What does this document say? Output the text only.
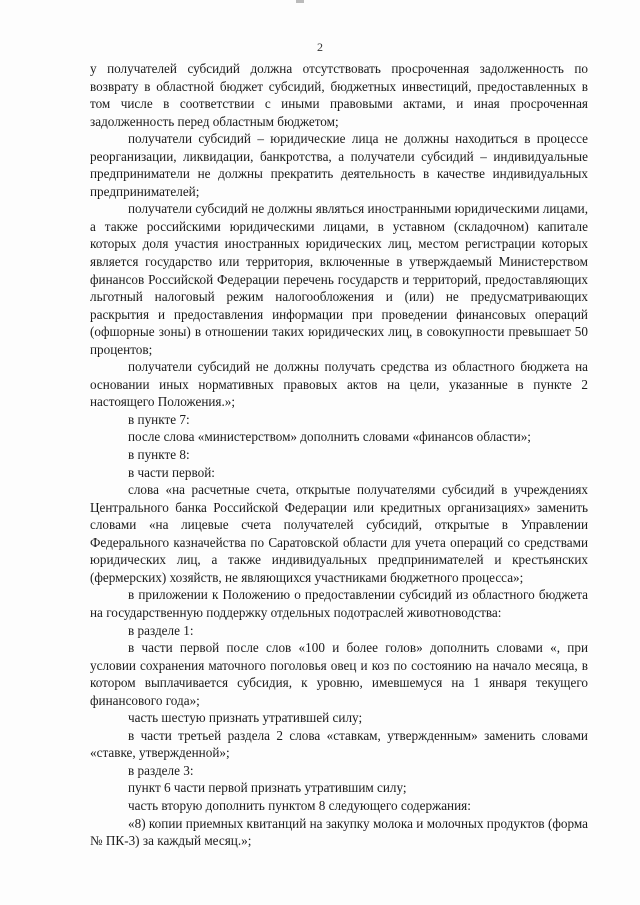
2

у получателей субсидий должна отсутствовать просроченная задолженность по возврату в областной бюджет субсидий, бюджетных инвестиций, предоставленных в том числе в соответствии с иными правовыми актами, и иная просроченная задолженность перед областным бюджетом;

получатели субсидий – юридические лица не должны находиться в процессе реорганизации, ликвидации, банкротства, а получатели субсидий – индивидуальные предприниматели не должны прекратить деятельность в качестве индивидуальных предпринимателей;

получатели субсидий не должны являться иностранными юридическими лицами, а также российскими юридическими лицами, в уставном (складочном) капитале которых доля участия иностранных юридических лиц, местом регистрации которых является государство или территория, включенные в утверждаемый Министерством финансов Российской Федерации перечень государств и территорий, предоставляющих льготный налоговый режим налогообложения и (или) не предусматривающих раскрытия и предоставления информации при проведении финансовых операций (офшорные зоны) в отношении таких юридических лиц, в совокупности превышает 50 процентов;

получатели субсидий не должны получать средства из областного бюджета на основании иных нормативных правовых актов на цели, указанные в пункте 2 настоящего Положения.»;

в пункте 7:

после слова «министерством» дополнить словами «финансов области»;

в пункте 8:

в части первой:

слова «на расчетные счета, открытые получателями субсидий в учреждениях Центрального банка Российской Федерации или кредитных организациях» заменить словами «на лицевые счета получателей субсидий, открытые в Управлении Федерального казначейства по Саратовской области для учета операций со средствами юридических лиц, а также индивидуальных предпринимателей и крестьянских (фермерских) хозяйств, не являющихся участниками бюджетного процесса»;

в приложении к Положению о предоставлении субсидий из областного бюджета на государственную поддержку отдельных подотраслей животноводства:

в разделе 1:

в части первой после слов «100 и более голов» дополнить словами «, при условии сохранения маточного поголовья овец и коз по состоянию на начало месяца, в котором выплачивается субсидия, к уровню, имевшемуся на 1 января текущего финансового года»;

часть шестую признать утратившей силу;

в части третьей раздела 2 слова «ставкам, утвержденным» заменить словами «ставке, утвержденной»;

в разделе 3:

пункт 6 части первой признать утратившим силу;

часть вторую дополнить пунктом 8 следующего содержания:

«8) копии приемных квитанций на закупку молока и молочных продуктов (форма № ПК-3) за каждый месяц.»;
